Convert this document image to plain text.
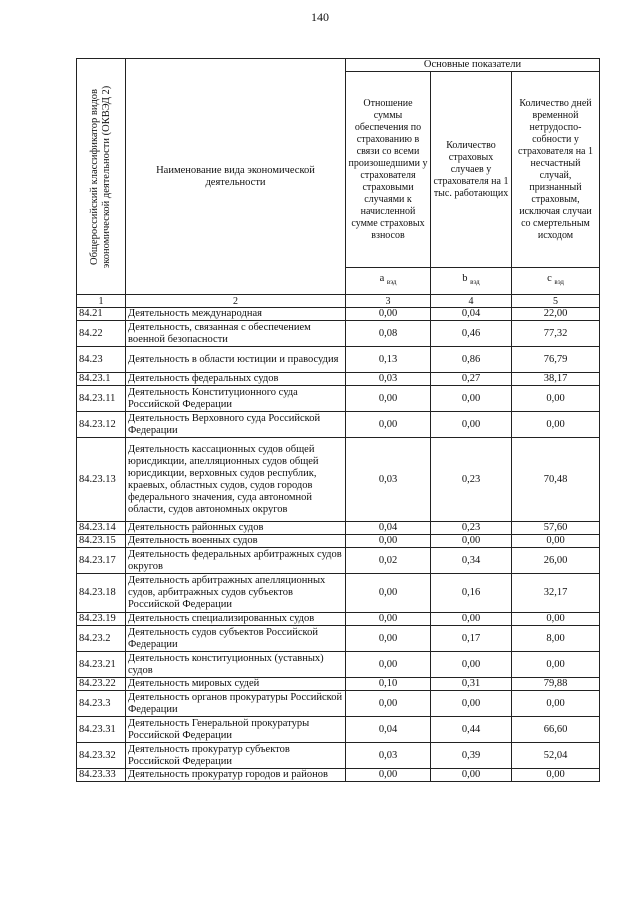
140
Общероссийский классификатор видов экономической деятельности (ОКВЭД 2)	Наименование вида экономической деятельности	Основные показатели		

		Отношение суммы обеспечения по страхованию в связи со всеми произошедшими у страхователя страховыми случаями к начисленной сумме страховых взносов	Количество страховых случаев у страхователя на 1 тыс. работающих	Количество дней временной нетрудоспо-собности у страхователя на 1 несчастный случай, признанный страховым, исключая случаи со смертельным исходом

		a $_{вэд}$	b $_{вэд}$	c $_{вэд}$
1	2	3	4	5
84.21	Деятельность международная	0,00	0,04	22,00
84.22	Деятельность, связанная с обеспечением военной безопасности	0,08	0,46	77,32
84.23	Деятельность в области юстиции и правосудия	0,13	0,86	76,79
84.23.1	Деятельность федеральных судов	0,03	0,27	38,17
84.23.11	Деятельность Конституционного суда Российской Федерации	0,00	0,00	0,00
84.23.12	Деятельность Верховного суда Российской Федерации	0,00	0,00	0,00
84.23.13	Деятельность кассационных судов общей юрисдикции, апелляционных судов общей юрисдикции, верховных судов республик, краевых, областных судов, судов городов федерального значения, суда автономной области, судов автономных округов	0,03	0,23	70,48
84.23.14	Деятельность районных судов	0,04	0,23	57,60
84.23.15	Деятельность военных судов	0,00	0,00	0,00
84.23.17	Деятельность федеральных арбитражных судов округов	0,02	0,34	26,00
84.23.18	Деятельность арбитражных апелляционных судов, арбитражных судов субъектов Российской Федерации	0,00	0,16	32,17
84.23.19	Деятельность специализированных судов	0,00	0,00	0,00
84.23.2	Деятельность судов субъектов Российской Федерации	0,00	0,17	8,00
84.23.21	Деятельность конституционных (уставных) судов	0,00	0,00	0,00
84.23.22	Деятельность мировых судей	0,10	0,31	79,88
84.23.3	Деятельность органов прокуратуры Российской Федерации	0,00	0,00	0,00
84.23.31	Деятельность Генеральной прокуратуры Российской Федерации	0,04	0,44	66,60
84.23.32	Деятельность прокуратур субъектов Российской Федерации	0,03	0,39	52,04
84.23.33	Деятельность прокуратур городов и районов	0,00	0,00	0,00
